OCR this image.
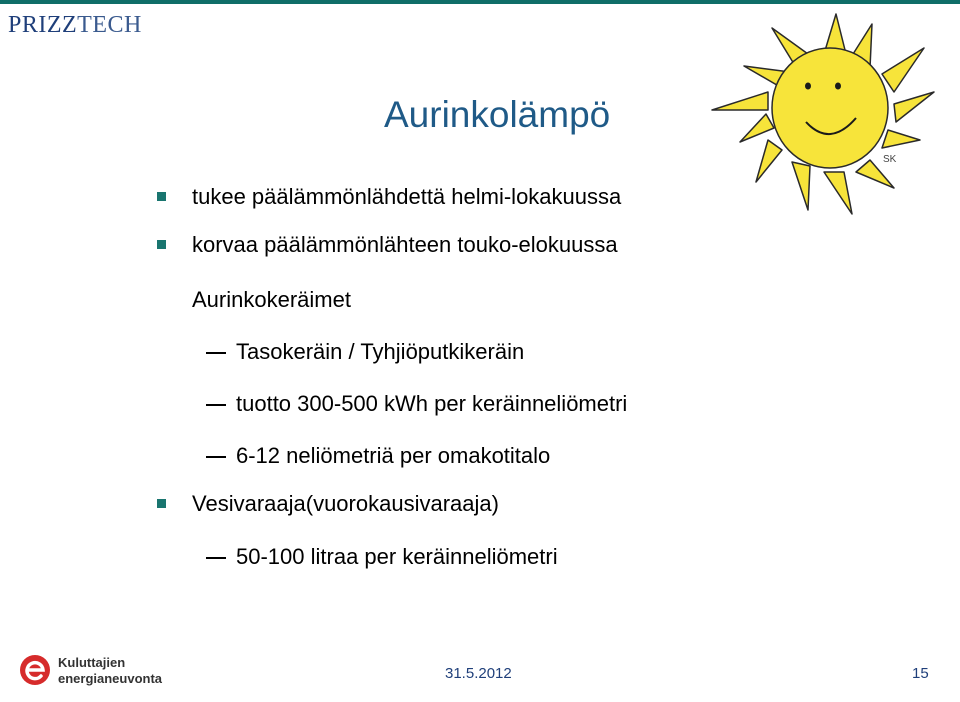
PRIZZTECH
SK
Aurinkolämpö
tukee päälämmönlähdettä helmi-lokakuussa
korvaa päälämmönlähteen touko-elokuussa
Aurinkokeräimet
Tasokeräin / Tyhjiöputkikeräin
tuotto 300-500 kWh per keräinneliömetri
6-12 neliömetriä per omakotitalo
Vesivaraaja(vuorokausivaraaja)
50-100 litraa per keräinneliömetri
Kuluttajien
energianeuvonta	31.5.2012	15
